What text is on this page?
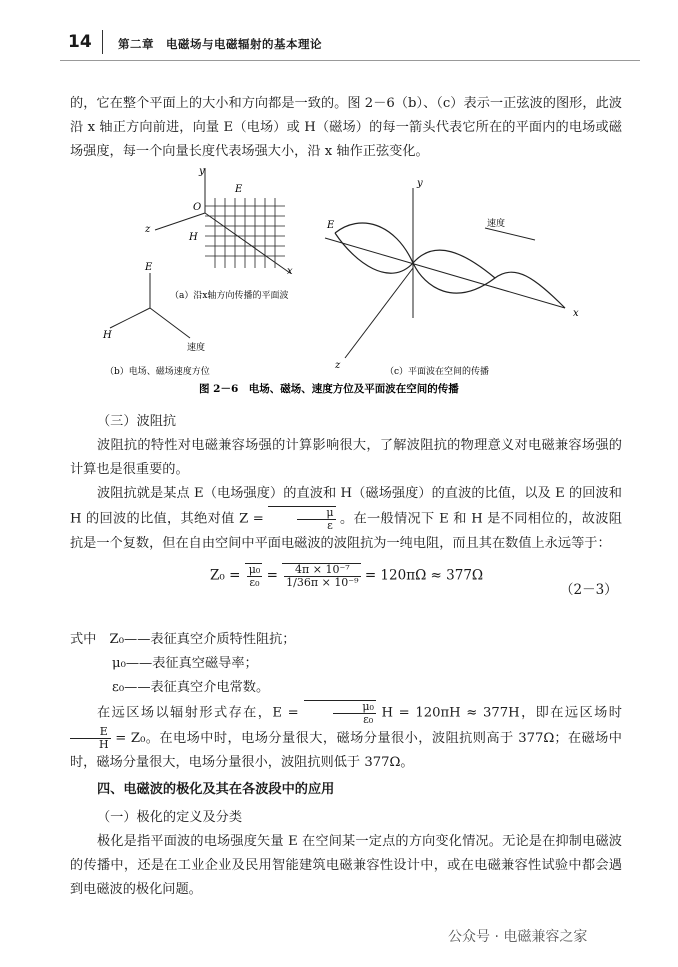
14 第二章　电磁场与电磁辐射的基本理论

的，它在整个平面上的大小和方向都是一致的。图 2－6（b）、（c）表示一正弦波的图形，此波沿 x 轴正方向前进，向量 E（电场）或 H（磁场）的每一箭头代表它所在的平面内的电场或磁场强度，每一个向量长度代表场强大小，沿 x 轴作正弦变化。

y
z
O
E
H
x
（a）沿x轴方向传播的平面波
E
H
速度
（b）电场、磁场速度方位
y
x
z
E	速度
（c）平面波在空间的传播
图 2－6　电场、磁场、速度方位及平面波在空间的传播

（三）波阻抗

波阻抗的特性对电磁兼容场强的计算影响很大，了解波阻抗的物理意义对电磁兼容场强的计算也是很重要的。

波阻抗就是某点 E（电场强度）的直波和 H（磁场强度）的直波的比值，以及 E 的回波和 H 的回波的比值，其绝对值 Z =	$\frac{\mu}{\varepsilon}$ 。在一般情况下 E 和 H 是不同相位的，故波阻抗是一个复数，但在自由空间中平面电磁波的波阻抗为一纯电阻，而且其在数值上永远等于：

$Z_0 = \frac{\text{μ₀}}{\text{ε₀}} = \frac{\text{4π × 10⁻⁷}}{\text{1/36π × 10⁻⁹}} = 120\pi\Omega \approx 377\Omega$
（2－3）
式中　Z₀——表征真空介质特性阻抗；
μ₀——表征真空磁导率；
ε₀——表征真空介电常数。

在远区场以辐射形式存在，E =	$\frac{\text{μ₀}}{\text{ε₀}}$ H = 120πH ≈ 377H，即在远区场时
$\frac{E}{H} = Z_0$。在电场中时，电场分量很大，磁场分量很小，波阻抗则高于 377Ω；在磁场中时，磁场分量很大，电场分量很小，波阻抗则低于 377Ω。

四、电磁波的极化及其在各波段中的应用

（一）极化的定义及分类

极化是指平面波的电场强度矢量 E 在空间某一定点的方向变化情况。无论是在抑制电磁波的传播中，还是在工业企业及民用智能建筑电磁兼容性设计中，或在电磁兼容性试验中都会遇到电磁波的极化问题。

公众号 · 电磁兼容之家
